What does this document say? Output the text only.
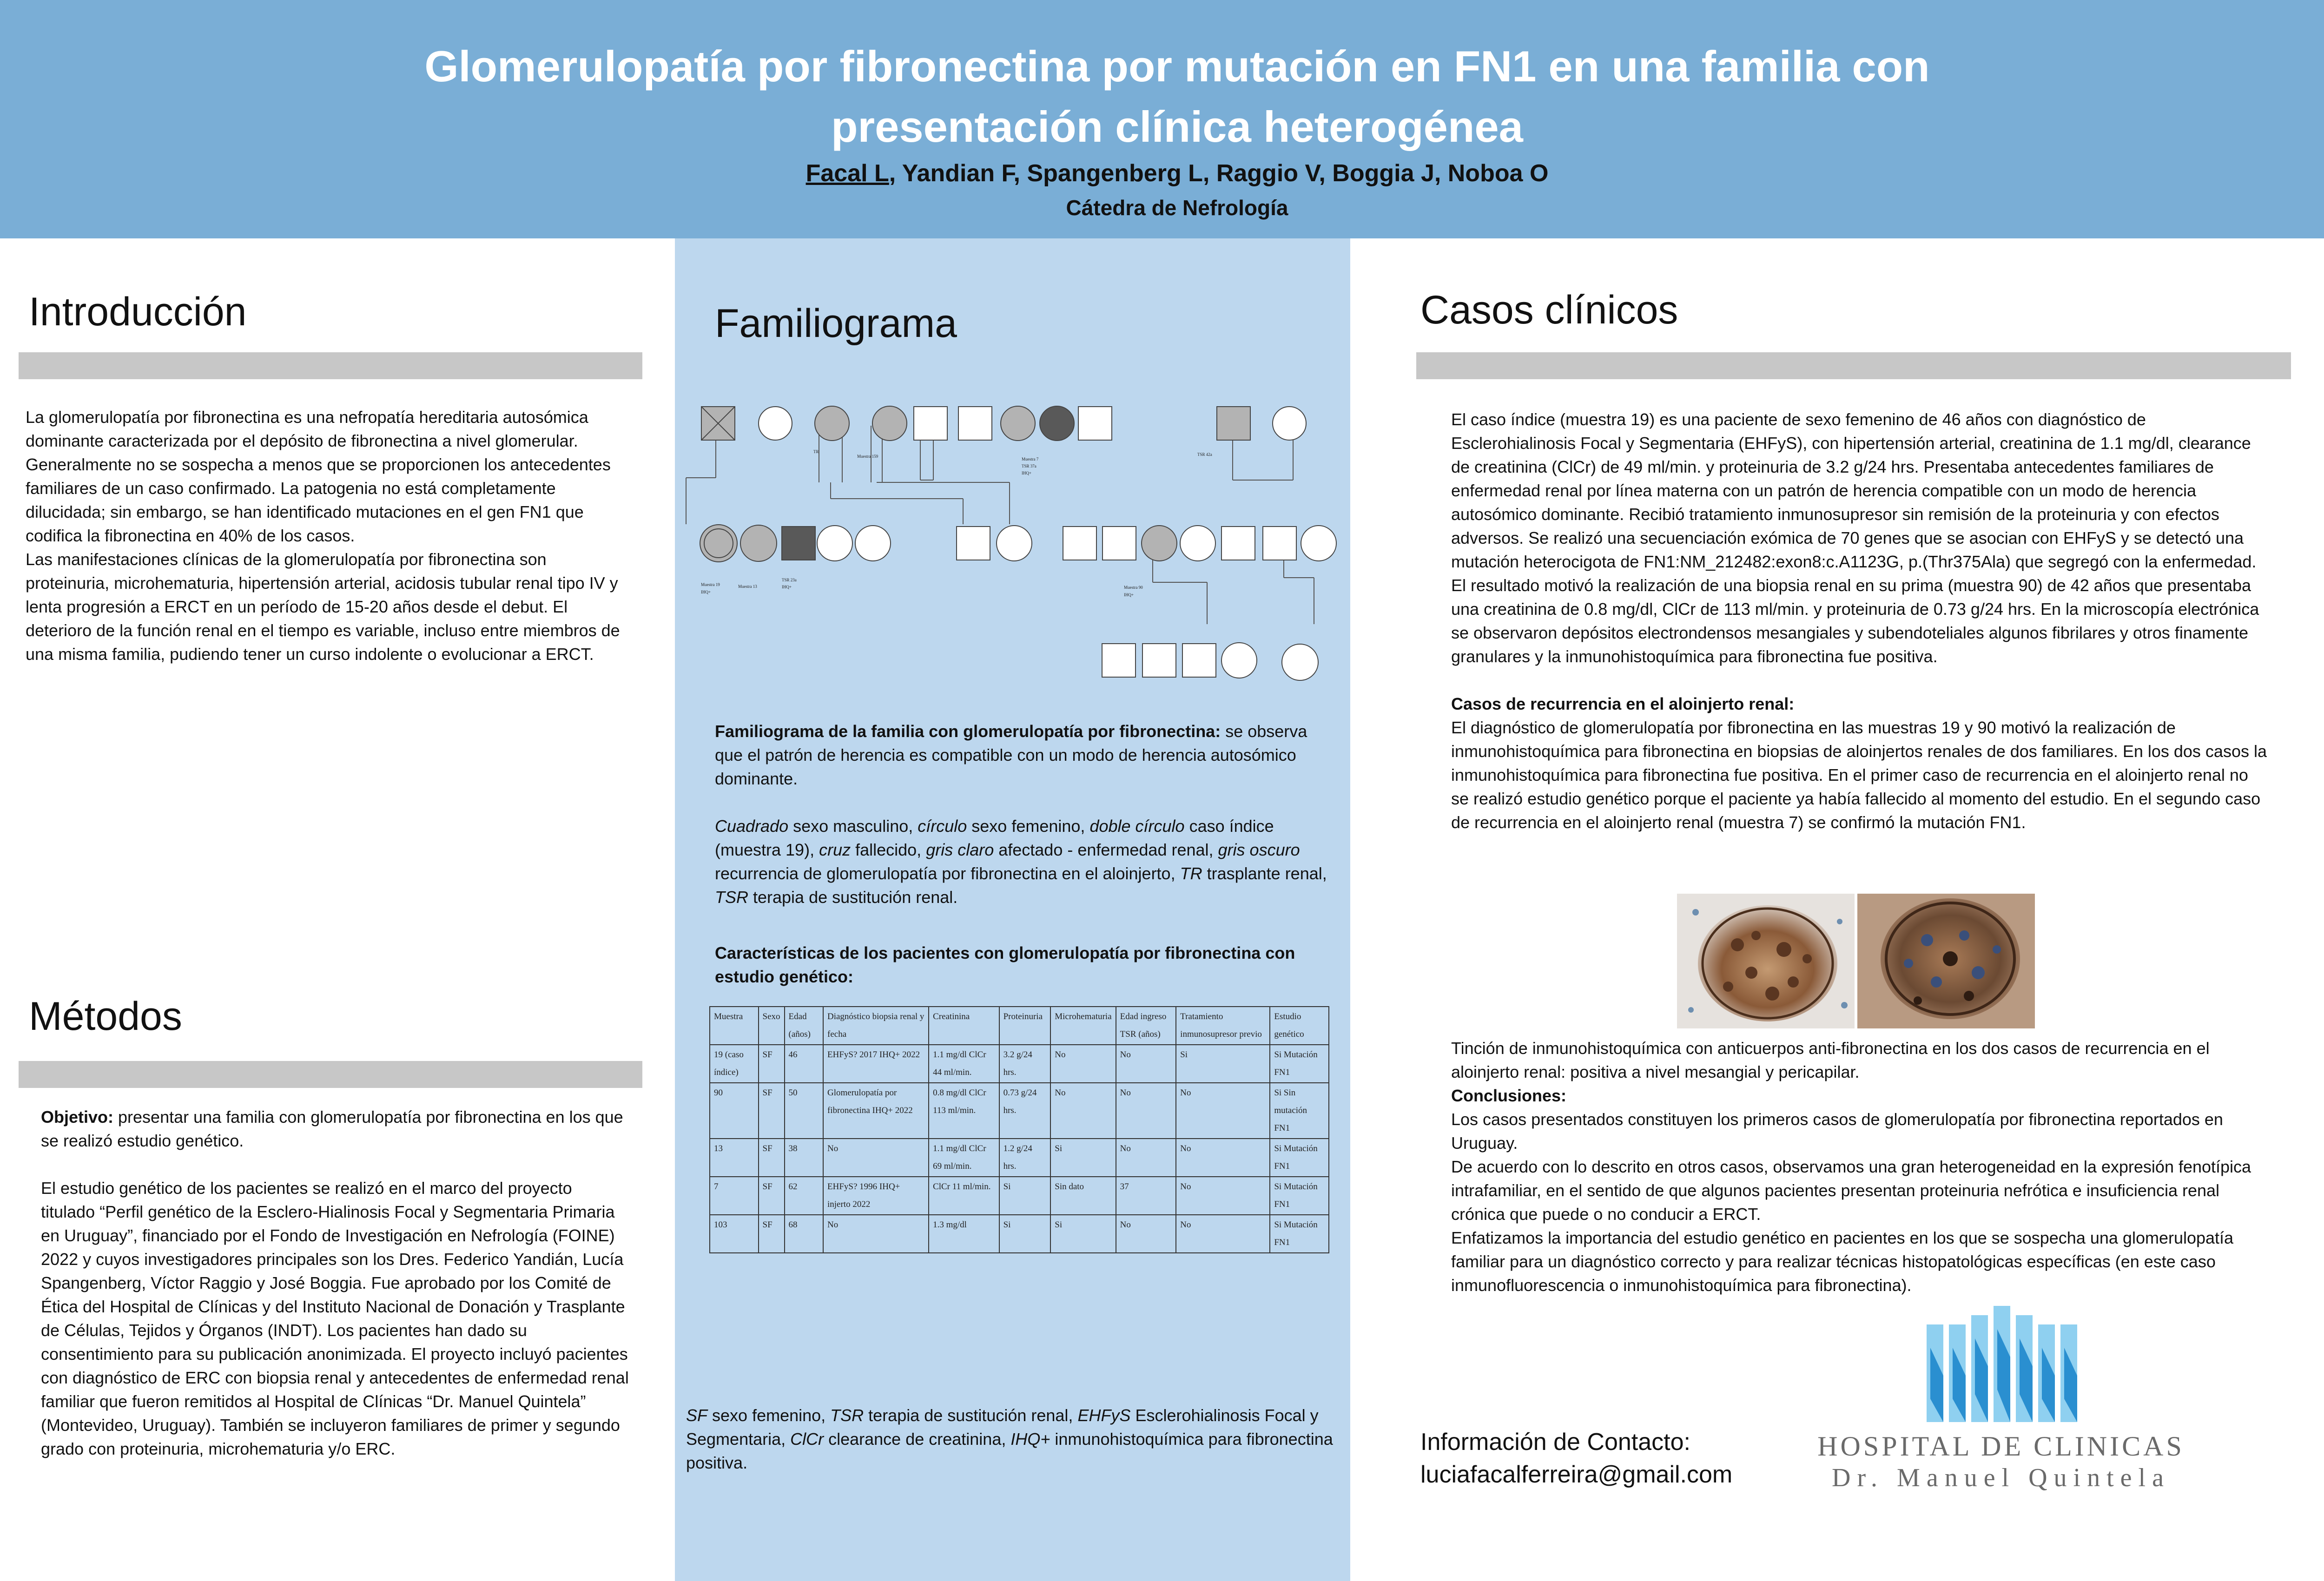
Glomerulopatía por fibronectina por mutación en FN1 en una familia con
presentación clínica heterogénea
Facal L, Yandian F, Spangenberg L, Raggio V, Boggia J, Noboa O
Cátedra de Nefrología
Introducción

La glomerulopatía por fibronectina es una nefropatía hereditaria autosómica dominante caracterizada por el depósito de fibronectina a nivel glomerular. Generalmente no se sospecha a menos que se proporcionen los antecedentes familiares de un caso confirmado. La patogenia no está completamente dilucidada; sin embargo, se han identificado mutaciones en el gen FN1 que codifica la fibronectina en 40% de los casos.

Las manifestaciones clínicas de la glomerulopatía por fibronectina son proteinuria, microhematuria, hipertensión arterial, acidosis tubular renal tipo IV y lenta progresión a ERCT en un período de 15-20 años desde el debut. El deterioro de la función renal en el tiempo es variable, incluso entre miembros de una misma familia, pudiendo tener un curso indolente o evolucionar a ERCT.

Métodos

Objetivo: presentar una familia con glomerulopatía por fibronectina en los que se realizó estudio genético.

El estudio genético de los pacientes se realizó en el marco del proyecto titulado “Perfil genético de la Esclero-Hialinosis Focal y Segmentaria Primaria en Uruguay”, financiado por el Fondo de Investigación en Nefrología (FOINE) 2022 y cuyos investigadores principales son los Dres. Federico Yandián, Lucía Spangenberg, Víctor Raggio y José Boggia. Fue aprobado por los Comité de Ética del Hospital de Clínicas y del Instituto Nacional de Donación y Trasplante de Células, Tejidos y Órganos (INDT). Los pacientes han dado su consentimiento para su publicación anonimizada. El proyecto incluyó pacientes con diagnóstico de ERC con biopsia renal y antecedentes de enfermedad renal familiar que fueron remitidos al Hospital de Clínicas “Dr. Manuel Quintela” (Montevideo, Uruguay). También se incluyeron familiares de primer y segundo grado con proteinuria, microhematuria y/o ERC.

Familiograma
TR
Muestra 159
Muestra 7
TSR 37a
IHQ+
TSR 42a
Muestra 19
IHQ+
Muestra 13
TSR 23a
IHQ+	Muestra 90
IHQ+

Familiograma de la familia con glomerulopatía por fibronectina: se observa que el patrón de herencia es compatible con un modo de herencia autosómico dominante.

Cuadrado sexo masculino, círculo sexo femenino, doble círculo caso índice (muestra 19), cruz fallecido, gris claro afectado - enfermedad renal, gris oscuro recurrencia de glomerulopatía por fibronectina en el aloinjerto, TR trasplante renal, TSR terapia de sustitución renal.

Características de los pacientes con glomerulopatía por fibronectina con estudio genético:
Muestra	Sexo	Edad (años)	Diagnóstico biopsia renal y fecha	Creatinina	Proteinuria	Microhematuria	Edad ingreso TSR (años)	Tratamiento inmunosupresor previo	Estudio genético
19 (caso índice)	SF	46	EHFyS? 2017 IHQ+ 2022	1.1 mg/dl ClCr 44 ml/min.	3.2 g/24 hrs.	No	No	Si	Si Mutación FN1
90	SF	50	Glomerulopatía por fibronectina IHQ+ 2022	0.8 mg/dl ClCr 113 ml/min.	0.73 g/24 hrs.	No	No	No	Si Sin mutación FN1
13	SF	38	No	1.1 mg/dl ClCr 69 ml/min.	1.2 g/24 hrs.	Si	No	No	Si Mutación FN1
7	SF	62	EHFyS? 1996 IHQ+ injerto 2022	ClCr 11 ml/min.	Si	Sin dato	37	No	Si Mutación FN1
103	SF	68	No	1.3 mg/dl	Si	Si	No	No	Si Mutación FN1
SF sexo femenino, TSR terapia de sustitución renal, EHFyS Esclerohialinosis Focal y Segmentaria, ClCr clearance de creatinina, IHQ+ inmunohistoquímica para fibronectina positiva.
Casos clínicos

El caso índice (muestra 19) es una paciente de sexo femenino de 46 años con diagnóstico de Esclerohialinosis Focal y Segmentaria (EHFyS), con hipertensión arterial, creatinina de 1.1 mg/dl, clearance de creatinina (ClCr) de 49 ml/min. y proteinuria de 3.2 g/24 hrs. Presentaba antecedentes familiares de enfermedad renal por línea materna con un patrón de herencia compatible con un modo de herencia autosómico dominante. Recibió tratamiento inmunosupresor sin remisión de la proteinuria y con efectos adversos. Se realizó una secuenciación exómica de 70 genes que se asocian con EHFyS y se detectó una mutación heterocigota de FN1:NM_212482:exon8:c.A1123G, p.(Thr375Ala) que segregó con la enfermedad.

El resultado motivó la realización de una biopsia renal en su prima (muestra 90) de 42 años que presentaba una creatinina de 0.8 mg/dl, ClCr de 113 ml/min. y proteinuria de 0.73 g/24 hrs. En la microscopía electrónica se observaron depósitos electrondensos mesangiales y subendoteliales algunos fibrilares y otros finamente granulares y la inmunohistoquímica para fibronectina fue positiva.

Casos de recurrencia en el aloinjerto renal:

El diagnóstico de glomerulopatía por fibronectina en las muestras 19 y 90 motivó la realización de inmunohistoquímica para fibronectina en biopsias de aloinjertos renales de dos familiares. En los dos casos la inmunohistoquímica para fibronectina fue positiva. En el primer caso de recurrencia en el aloinjerto renal no se realizó estudio genético porque el paciente ya había fallecido al momento del estudio. En el segundo caso de recurrencia en el aloinjerto renal (muestra 7) se confirmó la mutación FN1.

Tinción de inmunohistoquímica con anticuerpos anti-fibronectina en los dos casos de recurrencia en el aloinjerto renal: positiva a nivel mesangial y pericapilar.

Conclusiones:

Los casos presentados constituyen los primeros casos de glomerulopatía por fibronectina reportados en Uruguay.

De acuerdo con lo descrito en otros casos, observamos una gran heterogeneidad en la expresión fenotípica intrafamiliar, en el sentido de que algunos pacientes presentan proteinuria nefrótica e insuficiencia renal crónica que puede o no conducir a ERCT.

Enfatizamos la importancia del estudio genético en pacientes en los que se sospecha una glomerulopatía familiar para un diagnóstico correcto y para realizar técnicas histopatológicas específicas (en este caso inmunofluorescencia o inmunohistoquímica para fibronectina).

Información de Contacto:
luciafacalferreira@gmail.com
HOSPITAL DE CLINICAS
Dr. Manuel Quintela
